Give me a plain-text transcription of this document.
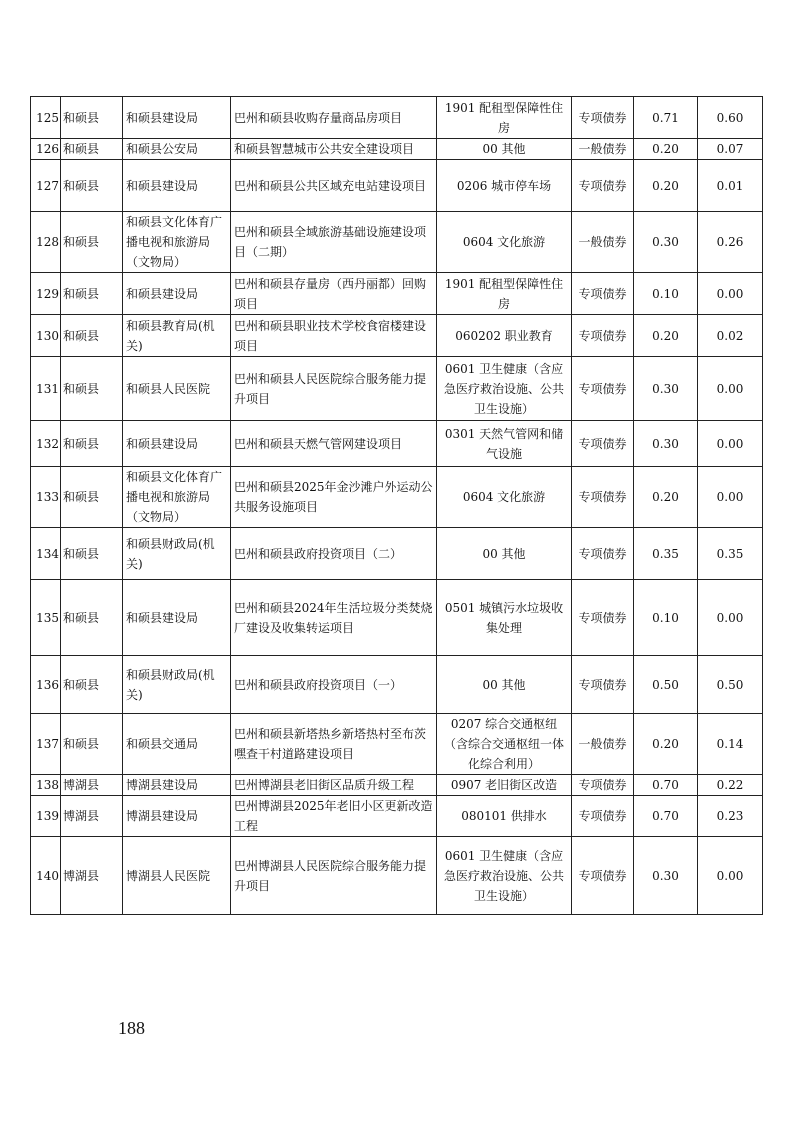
125	和硕县	和硕县建设局	巴州和硕县收购存量商品房项目	1901 配租型保障性住房	专项债券	0.71	0.60
126	和硕县	和硕县公安局	和硕县智慧城市公共安全建设项目	00 其他	一般债券	0.20	0.07
127	和硕县	和硕县建设局	巴州和硕县公共区域充电站建设项目	0206 城市停车场	专项债券	0.20	0.01
128	和硕县	和硕县文化体育广播电视和旅游局（文物局）	巴州和硕县全域旅游基础设施建设项目（二期）	0604 文化旅游	一般债券	0.30	0.26
129	和硕县	和硕县建设局	巴州和硕县存量房（西丹丽都）回购项目	1901 配租型保障性住房	专项债券	0.10	0.00
130	和硕县	和硕县教育局(机关)	巴州和硕县职业技术学校食宿楼建设项目	060202 职业教育	专项债券	0.20	0.02
131	和硕县	和硕县人民医院	巴州和硕县人民医院综合服务能力提升项目	0601 卫生健康（含应急医疗救治设施、公共卫生设施）	专项债券	0.30	0.00
132	和硕县	和硕县建设局	巴州和硕县天燃气管网建设项目	0301 天然气管网和储气设施	专项债券	0.30	0.00
133	和硕县	和硕县文化体育广播电视和旅游局（文物局）	巴州和硕县2025年金沙滩户外运动公共服务设施项目	0604 文化旅游	专项债券	0.20	0.00
134	和硕县	和硕县财政局(机关)	巴州和硕县政府投资项目（二）	00 其他	专项债券	0.35	0.35
135	和硕县	和硕县建设局	巴州和硕县2024年生活垃圾分类焚烧厂建设及收集转运项目	0501 城镇污水垃圾收集处理	专项债券	0.10	0.00
136	和硕县	和硕县财政局(机关)	巴州和硕县政府投资项目（一）	00 其他	专项债券	0.50	0.50
137	和硕县	和硕县交通局	巴州和硕县新塔热乡新塔热村至布茨嘿查干村道路建设项目	0207 综合交通枢纽（含综合交通枢纽一体化综合利用）	一般债券	0.20	0.14
138	博湖县	博湖县建设局	巴州博湖县老旧街区品质升级工程	0907 老旧街区改造	专项债券	0.70	0.22
139	博湖县	博湖县建设局	巴州博湖县2025年老旧小区更新改造工程	080101 供排水	专项债券	0.70	0.23
140	博湖县	博湖县人民医院	巴州博湖县人民医院综合服务能力提升项目	0601 卫生健康（含应急医疗救治设施、公共卫生设施）	专项债券	0.30	0.00
188
